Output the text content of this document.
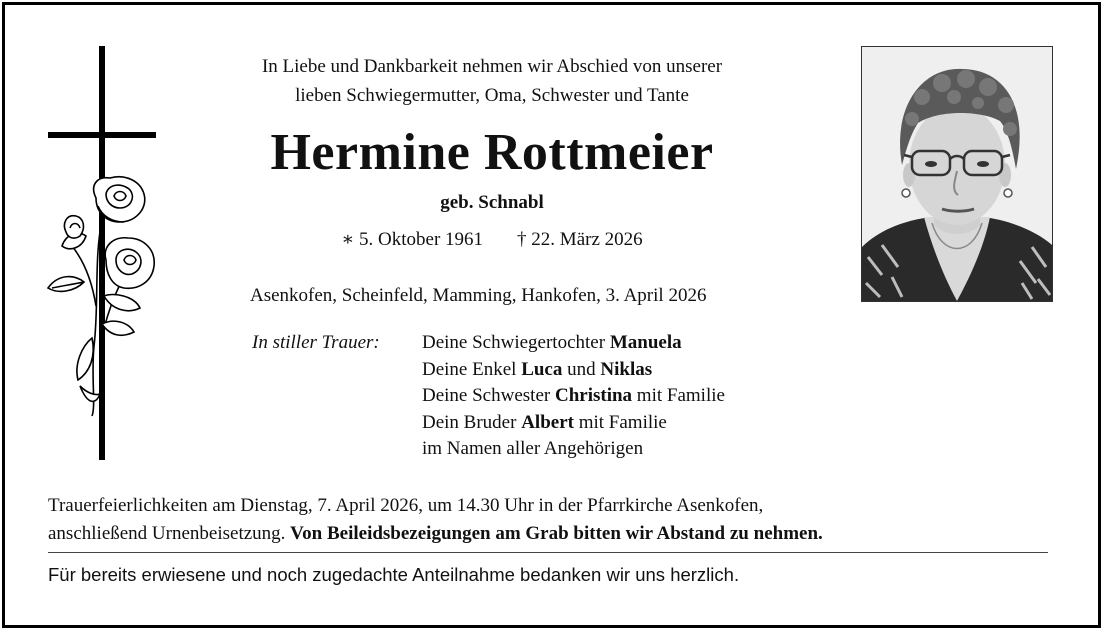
In Liebe und Dankbarkeit nehmen wir Abschied von unserer
lieben Schwiegermutter, Oma, Schwester und Tante
Hermine Rottmeier
geb. Schnabl
∗ 5. Oktober 1961 † 22. März 2026
Asenkofen, Scheinfeld, Mamming, Hankofen, 3. April 2026
In stiller Trauer: Deine Schwiegertochter Manuela
Deine Enkel Luca und Niklas
Deine Schwester Christina mit Familie
Dein Bruder Albert mit Familie
im Namen aller Angehörigen
Trauerfeierlichkeiten am Dienstag, 7. April 2026, um 14.30 Uhr in der Pfarrkirche Asenkofen,
anschließend Urnenbeisetzung. Von Beileidsbezeigungen am Grab bitten wir Abstand zu nehmen.
Für bereits erwiesene und noch zugedachte Anteilnahme bedanken wir uns herzlich.
